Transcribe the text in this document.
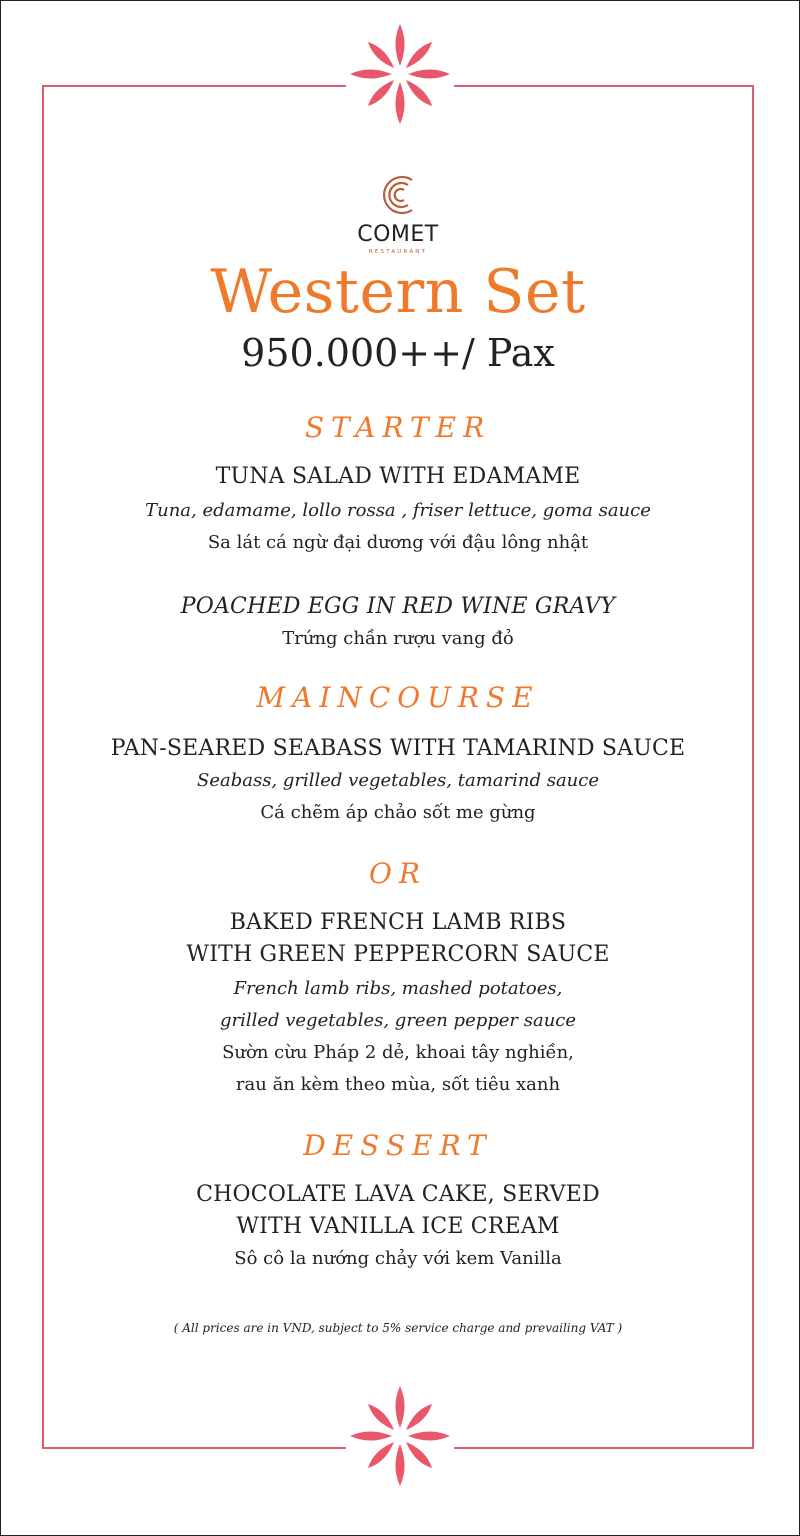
COMET
RESTAURANT
Western Set
950.000++/ Pax
STARTER
TUNA SALAD WITH EDAMAME
Tuna, edamame, lollo rossa , friser lettuce, goma sauce
Sa lát cá ngừ đại dương với đậu lông nhật
POACHED EGG IN RED WINE GRAVY
Trứng chần rượu vang đỏ
MAINCOURSE
PAN-SEARED SEABASS WITH TAMARIND SAUCE
Seabass, grilled vegetables, tamarind sauce
Cá chẽm áp chảo sốt me gừng
OR
BAKED FRENCH LAMB RIBS
WITH GREEN PEPPERCORN SAUCE
French lamb ribs, mashed potatoes,
grilled vegetables, green pepper sauce
Sườn cừu Pháp 2 dẻ, khoai tây nghiền,
rau ăn kèm theo mùa, sốt tiêu xanh
DESSERT
CHOCOLATE LAVA CAKE, SERVED
WITH VANILLA ICE CREAM
Sô cô la nướng chảy với kem Vanilla
( All prices are in VND, subject to 5% service charge and prevailing VAT )
